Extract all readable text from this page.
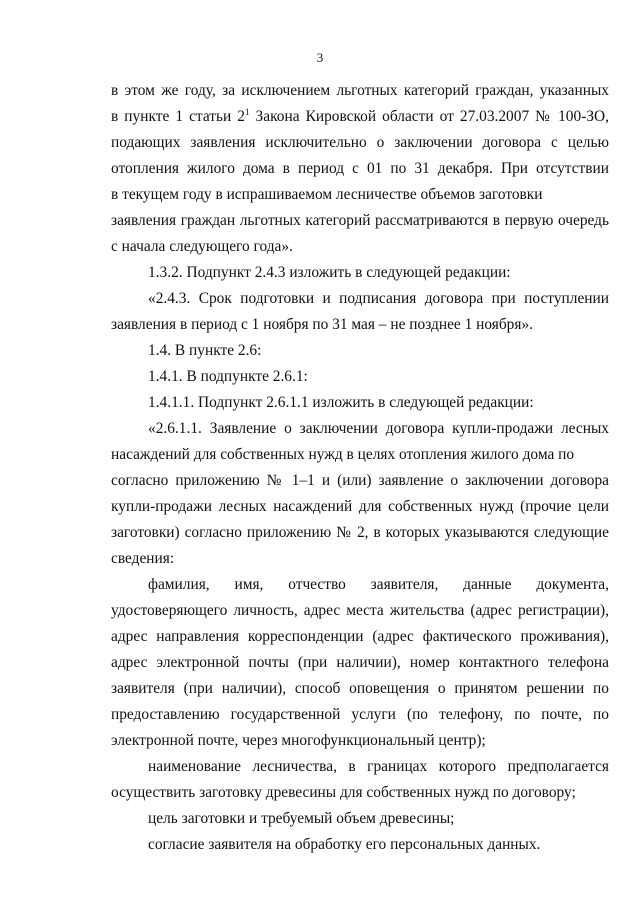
3
в этом же году, за исключением льготных категорий граждан, указанных
в пункте 1 статьи $2^1$ Закона Кировской области от 27.03.2007 № 100-ЗО,
подающих заявления исключительно о заключении договора с целью
отопления жилого дома в период с 01 по 31 декабря. При отсутствии
в текущем году в испрашиваемом лесничестве объемов заготовки
заявления граждан льготных категорий рассматриваются в первую очередь
с начала следующего года».
1.3.2. Подпункт 2.4.3 изложить в следующей редакции:
«2.4.3. Срок подготовки и подписания договора при поступлении
заявления в период с 1 ноября по 31 мая – не позднее 1 ноября».
1.4. В пункте 2.6:
1.4.1. В подпункте 2.6.1:
1.4.1.1. Подпункт 2.6.1.1 изложить в следующей редакции:
«2.6.1.1. Заявление о заключении договора купли-продажи лесных
насаждений для собственных нужд в целях отопления жилого дома по
согласно приложению № 1–1 и (или) заявление о заключении договора
купли-продажи лесных насаждений для собственных нужд (прочие цели
заготовки) согласно приложению № 2, в которых указываются следующие
сведения:
фамилия, имя, отчество заявителя, данные документа,
удостоверяющего личность, адрес места жительства (адрес регистрации),
адрес направления корреспонденции (адрес фактического проживания),
адрес электронной почты (при наличии), номер контактного телефона
заявителя (при наличии), способ оповещения о принятом решении по
предоставлению государственной услуги (по телефону, по почте, по
электронной почте, через многофункциональный центр);
наименование лесничества, в границах которого предполагается
осуществить заготовку древесины для собственных нужд по договору;
цель заготовки и требуемый объем древесины;
согласие заявителя на обработку его персональных данных.
